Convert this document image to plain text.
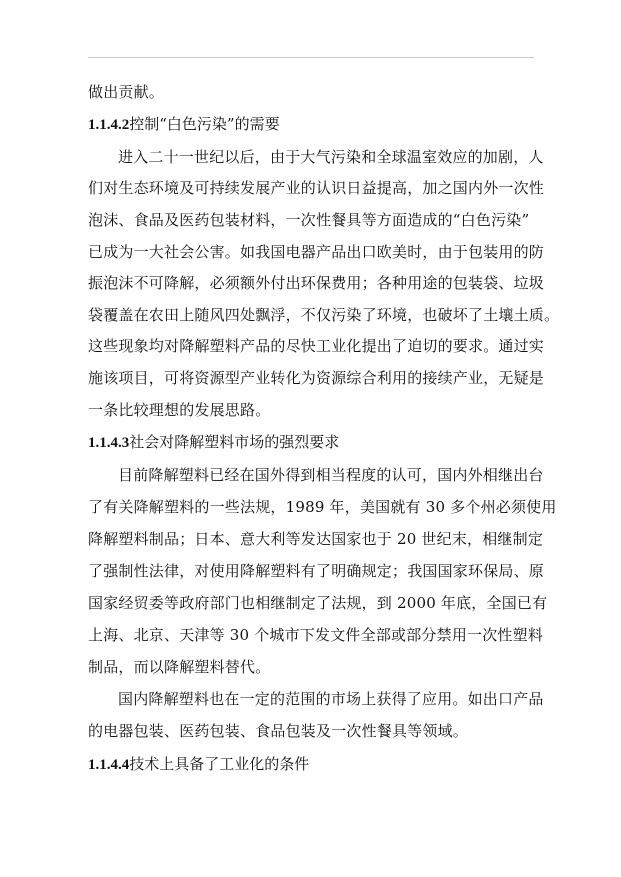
做出贡献。
1.1.4.2控制“白色污染”的需要
进入二十一世纪以后，由于大气污染和全球温室效应的加剧，人
们对生态环境及可持续发展产业的认识日益提高，加之国内外一次性
泡沫、食品及医药包装材料，一次性餐具等方面造成的“白色污染”
已成为一大社会公害。如我国电器产品出口欧美时，由于包装用的防
振泡沫不可降解，必须额外付出环保费用；各种用途的包装袋、垃圾
袋覆盖在农田上随风四处飘浮，不仅污染了环境，也破坏了土壤土质。
这些现象均对降解塑料产品的尽快工业化提出了迫切的要求。通过实
施该项目，可将资源型产业转化为资源综合利用的接续产业，无疑是
一条比较理想的发展思路。
1.1.4.3社会对降解塑料市场的强烈要求
目前降解塑料已经在国外得到相当程度的认可，国内外相继出台
了有关降解塑料的一些法规，1989 年，美国就有 30 多个州必须使用
降解塑料制品；日本、意大利等发达国家也于 20 世纪末，相继制定
了强制性法律，对使用降解塑料有了明确规定；我国国家环保局、原
国家经贸委等政府部门也相继制定了法规，到 2000 年底，全国已有
上海、北京、天津等 30 个城市下发文件全部或部分禁用一次性塑料
制品，而以降解塑料替代。
国内降解塑料也在一定的范围的市场上获得了应用。如出口产品
的电器包装、医药包装、食品包装及一次性餐具等领域。
1.1.4.4技术上具备了工业化的条件
